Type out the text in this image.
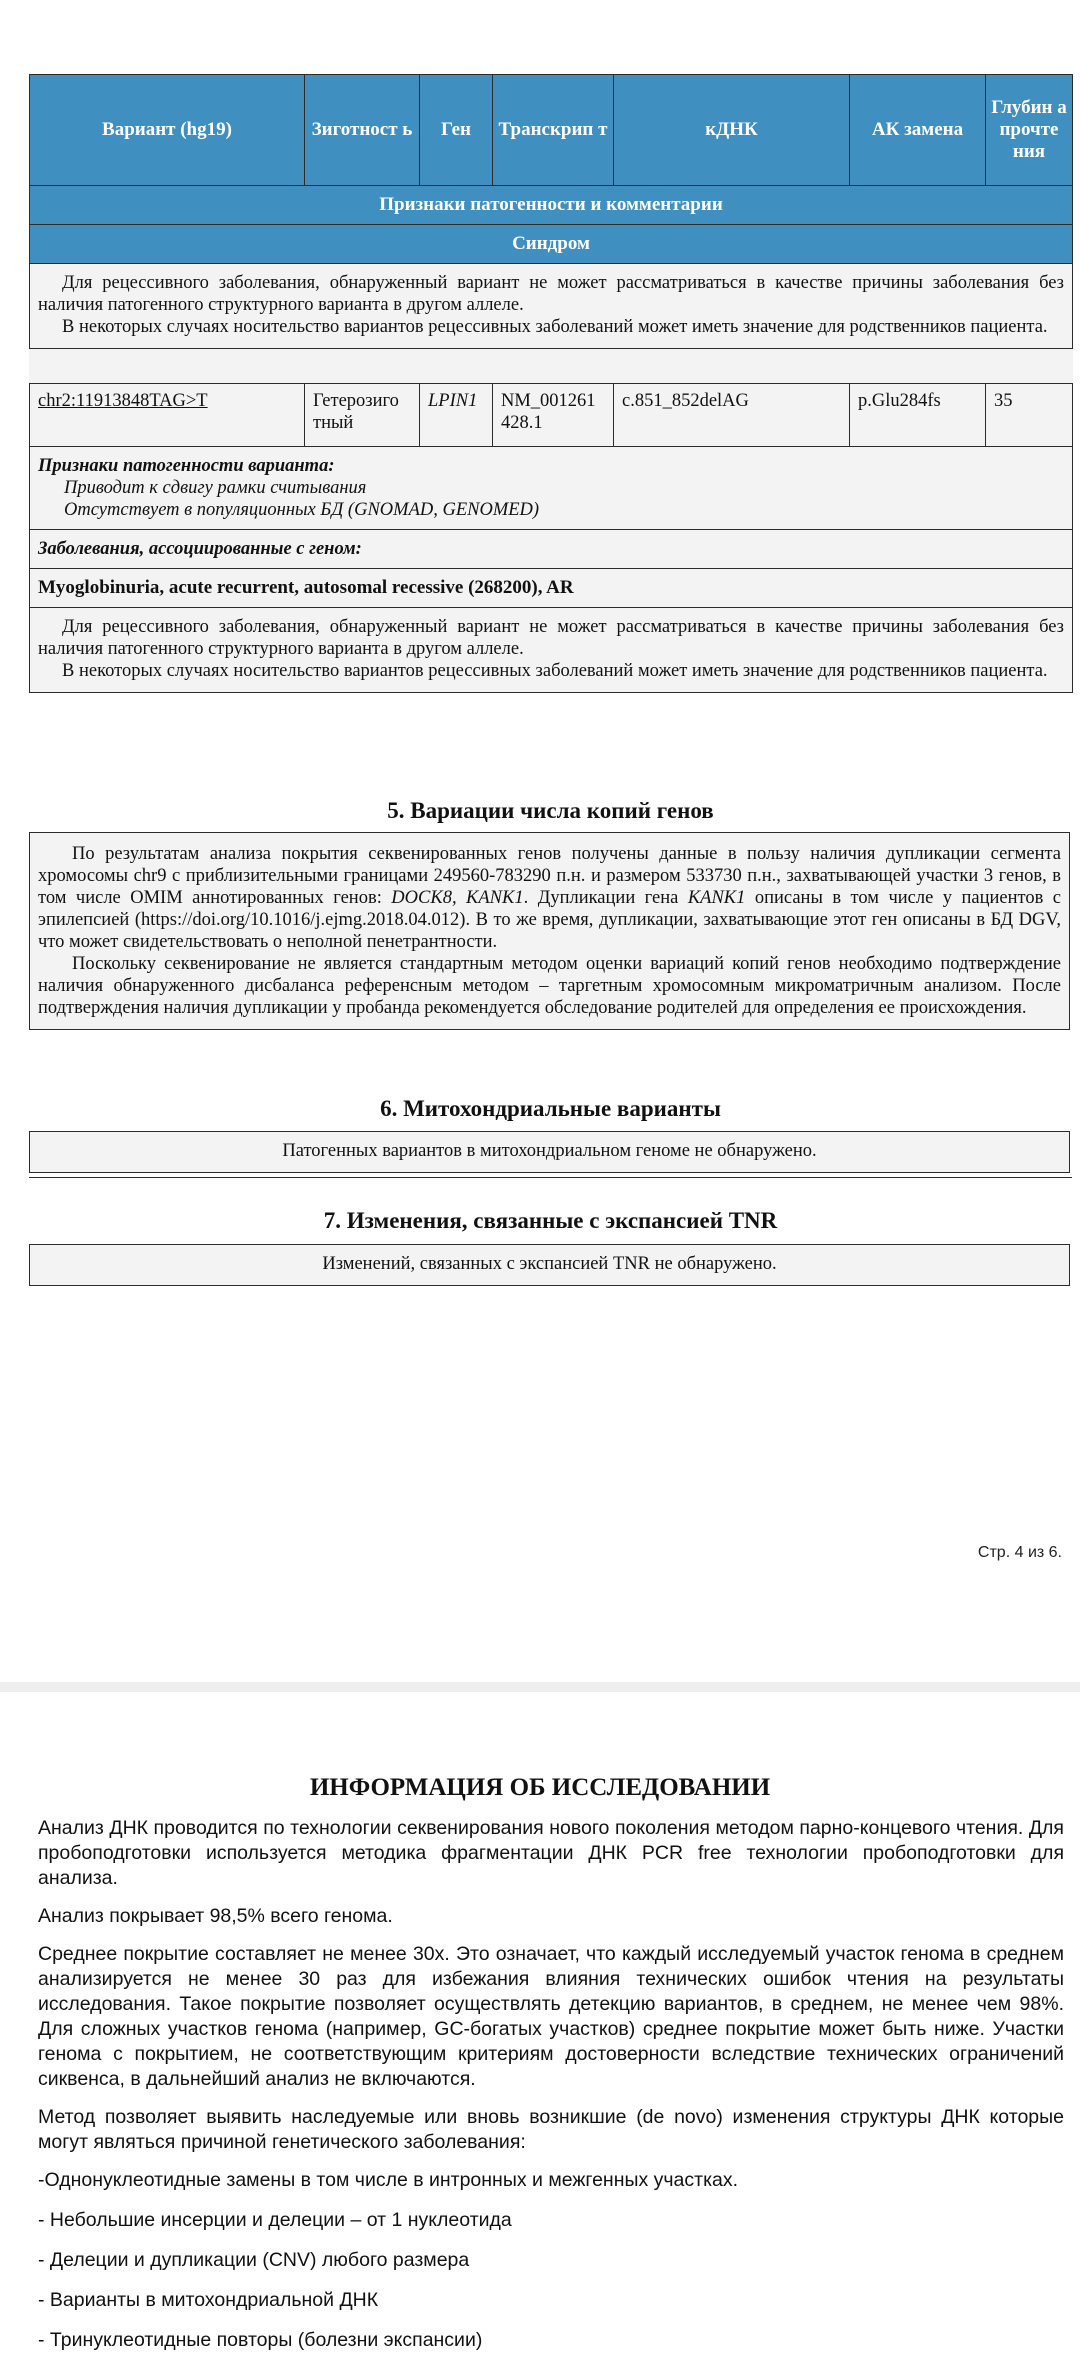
Вариант (hg19)	Зиготност ь	Ген	Транскрип т	кДНК	АК замена	Глубин а прочте ния
Признаки патогенности и комментарии						
Синдром						

Для рецессивного заболевания, обнаруженный вариант не может рассматриваться в качестве причины заболевания без наличия патогенного структурного варианта в другом аллеле.

В некоторых случаях носительство вариантов рецессивных заболеваний может иметь значение для родственников пациента.						

chr2:11913848TAG>T	Гетерозиго тный	LPIN1	NM_001261 428.1	c.851_852delAG	p.Glu284fs	35

Признаки патогенности варианта:
Приводит к сдвигу рамки считывания
Отсутствует в популяционных БД (GNOMAD, GENOMED)						

Заболевания, ассоциированные с геном:						

Myoglobinuria, acute recurrent, autosomal recessive (268200), AR						

Для рецессивного заболевания, обнаруженный вариант не может рассматриваться в качестве причины заболевания без наличия патогенного структурного варианта в другом аллеле.

В некоторых случаях носительство вариантов рецессивных заболеваний может иметь значение для родственников пациента.						

5. Вариации числа копий генов

По результатам анализа покрытия секвенированных генов получены данные в пользу наличия дупликации сегмента хромосомы chr9 с приблизительными границами 249560-783290 п.н. и размером 533730 п.н., захватывающей участки 3 генов, в том числе OMIM аннотированных генов: DOCK8, KANK1. Дупликации гена KANK1 описаны в том числе у пациентов с эпилепсией (https://doi.org/10.1016/j.ejmg.2018.04.012). В то же время, дупликации, захватывающие этот ген описаны в БД DGV, что может свидетельствовать о неполной пенетрантности.

Поскольку секвенирование не является стандартным методом оценки вариаций копий генов необходимо подтверждение наличия обнаруженного дисбаланса референсным методом – таргетным хромосомным микроматричным анализом. После подтверждения наличия дупликации у пробанда рекомендуется обследование родителей для определения ее происхождения.

6. Митохондриальные варианты
Патогенных вариантов в митохондриальном геноме не обнаружено.
7. Изменения, связанные с экспансией TNR
Изменений, связанных с экспансией TNR не обнаружено.
Стр. 4 из 6.
ИНФОРМАЦИЯ ОБ ИССЛЕДОВАНИИ

Анализ ДНК проводится по технологии секвенирования нового поколения методом парно-концевого чтения. Для пробоподготовки используется методика фрагментации ДНК PCR free технологии пробоподготовки для анализа.

Анализ покрывает 98,5% всего генома.

Среднее покрытие составляет не менее 30х. Это означает, что каждый исследуемый участок генома в среднем анализируется не менее 30 раз для избежания влияния технических ошибок чтения на результаты исследования. Такое покрытие позволяет осуществлять детекцию вариантов, в среднем, не менее чем 98%. Для сложных участков генома (например, GC-богатых участков) среднее покрытие может быть ниже. Участки генома с покрытием, не соответствующим критериям достоверности вследствие технических ограничений сиквенса, в дальнейший анализ не включаются.

Метод позволяет выявить наследуемые или вновь возникшие (de novo) изменения структуры ДНК которые могут являться причиной генетического заболевания:

-Однонуклеотидные замены в том числе в интронных и межгенных участках.
- Небольшие инсерции и делеции – от 1 нуклеотида
- Делеции и дупликации (CNV) любого размера
- Варианты в митохондриальной ДНК
- Тринуклеотидные повторы (болезни экспансии)
